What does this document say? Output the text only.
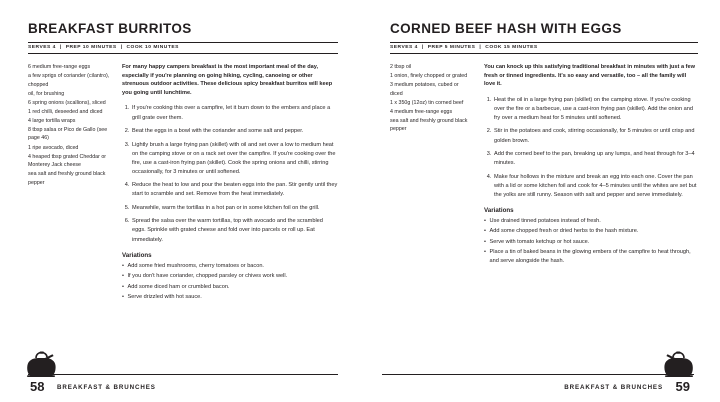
BREAKFAST BURRITOS
SERVES 4 | PREP 10 MINUTES | COOK 10 MINUTES
6 medium free-range eggs
a few sprigs of coriander (cilantro), chopped
oil, for brushing
6 spring onions (scallions), sliced
1 red chilli, deseeded and diced
4 large tortilla wraps
8 tbsp salsa or Pico de Gallo (see page 46)
1 ripe avocado, diced
4 heaped tbsp grated Cheddar or Monterey Jack cheese
sea salt and freshly ground black pepper

For many happy campers breakfast is the most important meal of the day, especially if you're planning on going hiking, cycling, canoeing or other strenuous outdoor activities. These delicious spicy breakfast burritos will keep you going until lunchtime.

1. If you're cooking this over a campfire, let it burn down to the embers and place a grill grate over them.
2. Beat the eggs in a bowl with the coriander and some salt and pepper.
3. Lightly brush a large frying pan (skillet) with oil and set over a low to medium heat on the camping stove or on a rack set over the campfire. If you're cooking over the fire, use a cast-iron frying pan (skillet). Cook the spring onions and chilli, stirring occasionally, for 3 minutes or until softened.
4. Reduce the heat to low and pour the beaten eggs into the pan. Stir gently until they start to scramble and set. Remove from the heat immediately.
5. Meanwhile, warm the tortillas in a hot pan or in some kitchen foil on the grill.
6. Spread the salsa over the warm tortillas, top with avocado and the scrambled eggs. Sprinkle with grated cheese and fold over into parcels or roll up. Eat immediately.
Variations
• Add some fried mushrooms, cherry tomatoes or bacon.
• If you don't have coriander, chopped parsley or chives work well.
• Add some diced ham or crumbled bacon.
• Serve drizzled with hot sauce.
58 BREAKFAST & BRUNCHES
CORNED BEEF HASH WITH EGGS
SERVES 4 | PREP 5 MINUTES | COOK 15 MINUTES
2 tbsp oil
1 onion, finely chopped or grated
3 medium potatoes, cubed or diced
1 x 350g (12oz) tin corned beef
4 medium free-range eggs
sea salt and freshly ground black pepper

You can knock up this satisfying traditional breakfast in minutes with just a few fresh or tinned ingredients. It's so easy and versatile, too – all the family will love it.

1. Heat the oil in a large frying pan (skillet) on the camping stove. If you're cooking over the fire or a barbecue, use a cast-iron frying pan (skillet). Add the onion and fry over a medium heat for 5 minutes until softened.
2. Stir in the potatoes and cook, stirring occasionally, for 5 minutes or until crisp and golden brown.
3. Add the corned beef to the pan, breaking up any lumps, and heat through for 3–4 minutes.
4. Make four hollows in the mixture and break an egg into each one. Cover the pan with a lid or some kitchen foil and cook for 4–5 minutes until the whites are set but the yolks are still runny. Season with salt and pepper and serve immediately.
Variations
• Use drained tinned potatoes instead of fresh.
• Add some chopped fresh or dried herbs to the hash mixture.
• Serve with tomato ketchup or hot sauce.
• Place a tin of baked beans in the glowing embers of the campfire to heat through, and serve alongside the hash.
59
BREAKFAST & BRUNCHES
